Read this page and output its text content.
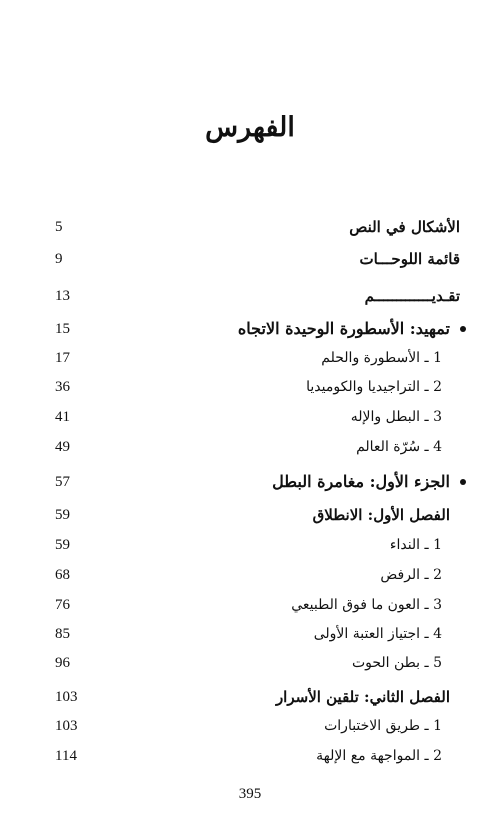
الفهرس
الأشكال في النص
5
قائمة اللوحـــات
9
تقـديـــــــــــــم
13
تمهيد: الأسطورة الوحيدة الاتجاه
15
1 ـ الأسطورة والحلم
17
2 ـ التراجيديا والكوميديا
36
3 ـ البطل والإله
41
4 ـ سُرّة العالم
49
الجزء الأول: مغامرة البطل
57
الفصل الأول: الانطلاق
59
1 ـ النداء
59
2 ـ الرفض
68
3 ـ العون ما فوق الطبيعي
76
4 ـ اجتياز العتبة الأولى
85
5 ـ بطن الحوت
96
الفصل الثاني: تلقين الأسرار
103
1 ـ طريق الاختبارات
103
2 ـ المواجهة مع الإلهة
114
395
